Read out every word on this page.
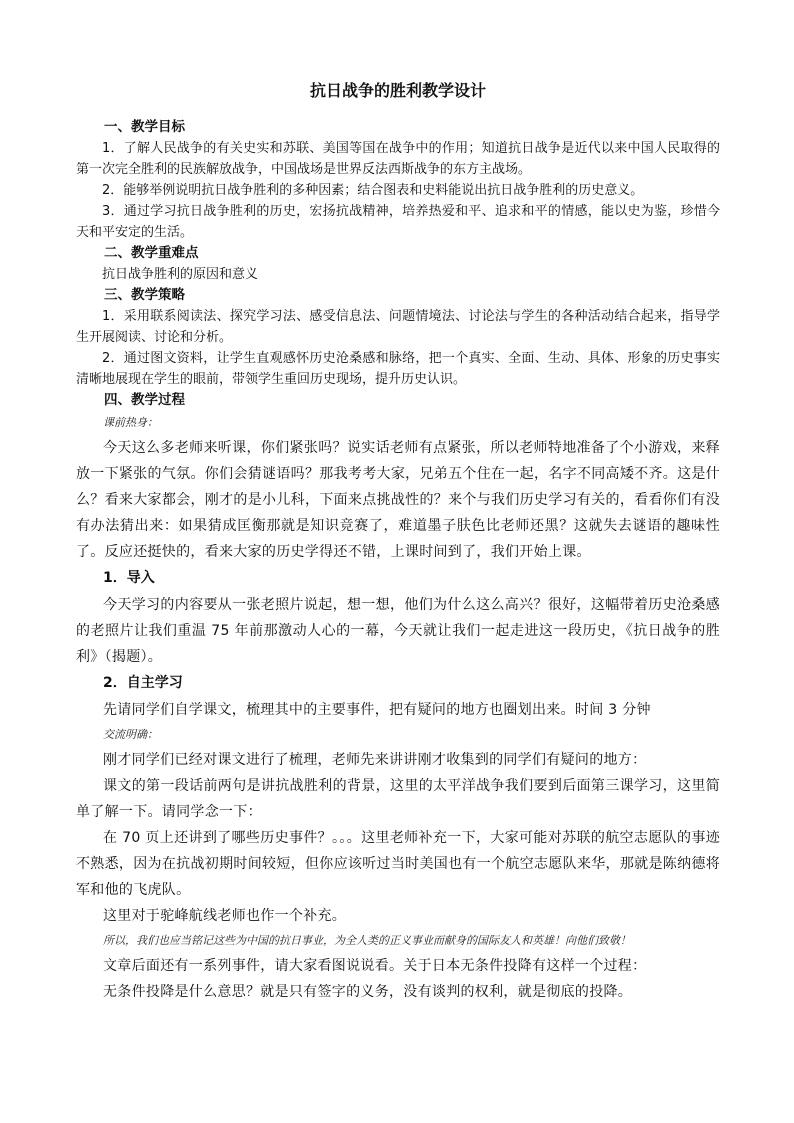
抗日战争的胜利教学设计
一、教学目标
1．了解人民战争的有关史实和苏联、美国等国在战争中的作用；知道抗日战争是近代以来中国人民取得的第一次完全胜利的民族解放战争，中国战场是世界反法西斯战争的东方主战场。
2．能够举例说明抗日战争胜利的多种因素；结合图表和史料能说出抗日战争胜利的历史意义。
3．通过学习抗日战争胜利的历史，宏扬抗战精神，培养热爱和平、追求和平的情感，能以史为鉴，珍惜今天和平安定的生活。
二、教学重难点
抗日战争胜利的原因和意义
三、教学策略
1．采用联系阅读法、探究学习法、感受信息法、问题情境法、讨论法与学生的各种活动结合起来，指导学生开展阅读、讨论和分析。
2．通过图文资料，让学生直观感怀历史沧桑感和脉络，把一个真实、全面、生动、具体、形象的历史事实清晰地展现在学生的眼前，带领学生重回历史现场，提升历史认识。
四、教学过程
课前热身：
今天这么多老师来听课，你们紧张吗？说实话老师有点紧张，所以老师特地准备了个小游戏，来释放一下紧张的气氛。你们会猜谜语吗？那我考考大家，兄弟五个住在一起，名字不同高矮不齐。这是什么？看来大家都会，刚才的是小儿科，下面来点挑战性的？来个与我们历史学习有关的，看看你们有没有办法猜出来：如果猜成匡衡那就是知识竞赛了，难道墨子肤色比老师还黑？这就失去谜语的趣味性了。反应还挺快的，看来大家的历史学得还不错，上课时间到了，我们开始上课。
1．导入
今天学习的内容要从一张老照片说起，想一想，他们为什么这么高兴？很好，这幅带着历史沧桑感的老照片让我们重温 75 年前那激动人心的一幕，今天就让我们一起走进这一段历史，《抗日战争的胜利》（揭题）。
2．自主学习
先请同学们自学课文，梳理其中的主要事件，把有疑问的地方也圈划出来。时间 3 分钟
交流明确：
刚才同学们已经对课文进行了梳理，老师先来讲讲刚才收集到的同学们有疑问的地方：
课文的第一段话前两句是讲抗战胜利的背景，这里的太平洋战争我们要到后面第三课学习，这里简单了解一下。请同学念一下：
在 70 页上还讲到了哪些历史事件？。。。这里老师补充一下，大家可能对苏联的航空志愿队的事迹不熟悉，因为在抗战初期时间较短，但你应该听过当时美国也有一个航空志愿队来华，那就是陈纳德将军和他的飞虎队。
这里对于驼峰航线老师也作一个补充。
所以，我们也应当铭记这些为中国的抗日事业，为全人类的正义事业而献身的国际友人和英雄！向他们致敬！
文章后面还有一系列事件，请大家看图说说看。关于日本无条件投降有这样一个过程：
无条件投降是什么意思？就是只有签字的义务，没有谈判的权利，就是彻底的投降。
